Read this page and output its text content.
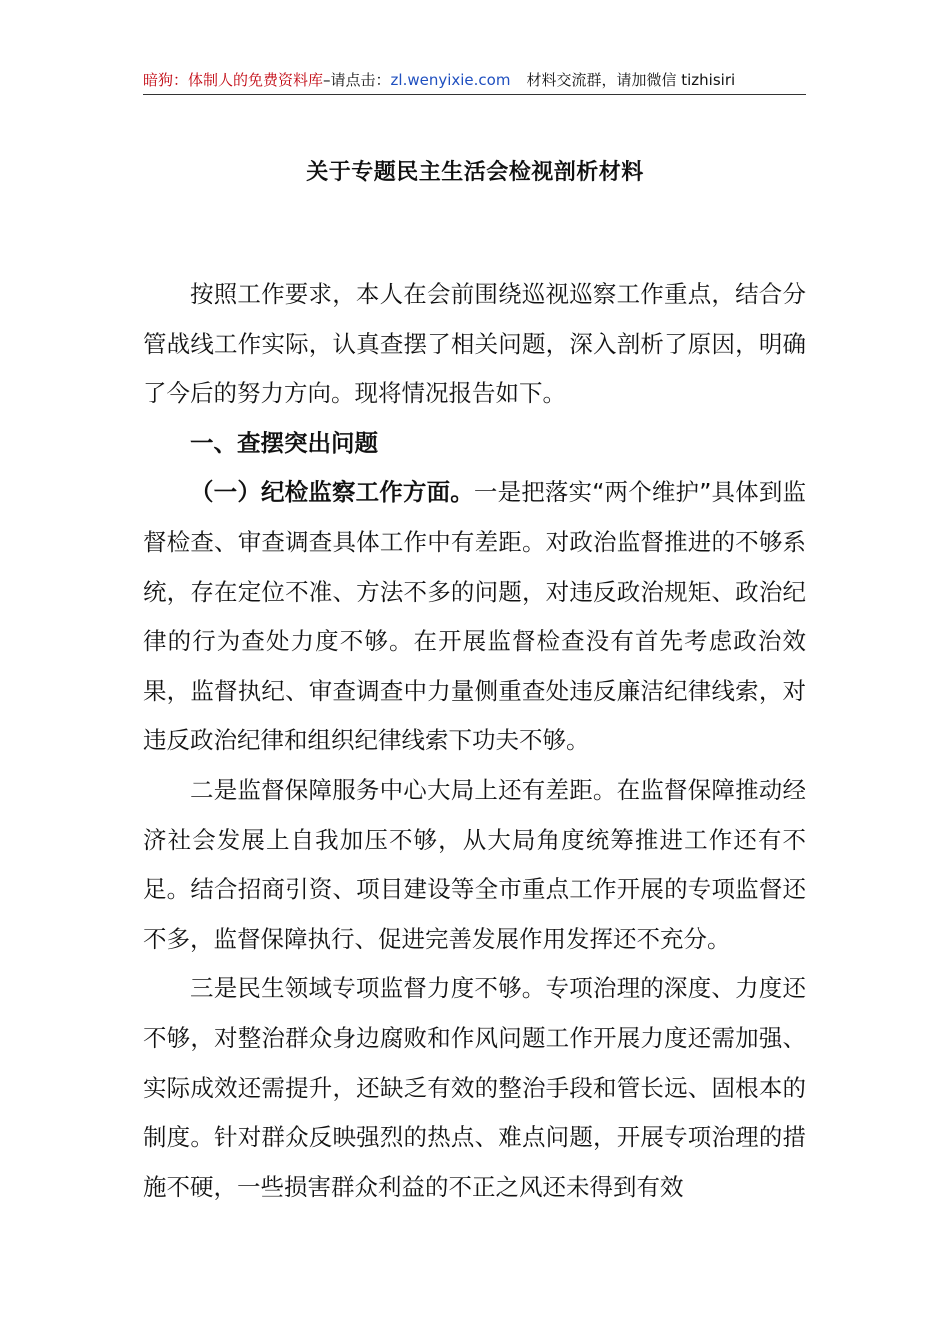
暗狗：体制人的免费资料库–请点击：zl.wenyixie.com 材料交流群，请加微信 tizhisiri
关于专题民主生活会检视剖析材料

按照工作要求，本人在会前围绕巡视巡察工作重点，结合分管战线工作实际，认真查摆了相关问题，深入剖析了原因，明确了今后的努力方向。现将情况报告如下。

一、查摆突出问题

（一）纪检监察工作方面。一是把落实“两个维护”具体到监督检查、审查调查具体工作中有差距。对政治监督推进的不够系统，存在定位不准、方法不多的问题，对违反政治规矩、政治纪律的行为查处力度不够。在开展监督检查没有首先考虑政治效果，监督执纪、审查调查中力量侧重查处违反廉洁纪律线索，对违反政治纪律和组织纪律线索下功夫不够。

二是监督保障服务中心大局上还有差距。在监督保障推动经济社会发展上自我加压不够，从大局角度统筹推进工作还有不足。结合招商引资、项目建设等全市重点工作开展的专项监督还不多，监督保障执行、促进完善发展作用发挥还不充分。

三是民生领域专项监督力度不够。专项治理的深度、力度还不够，对整治群众身边腐败和作风问题工作开展力度还需加强、实际成效还需提升，还缺乏有效的整治手段和管长远、固根本的制度。针对群众反映强烈的热点、难点问题，开展专项治理的措施不硬，一些损害群众利益的不正之风还未得到有效
